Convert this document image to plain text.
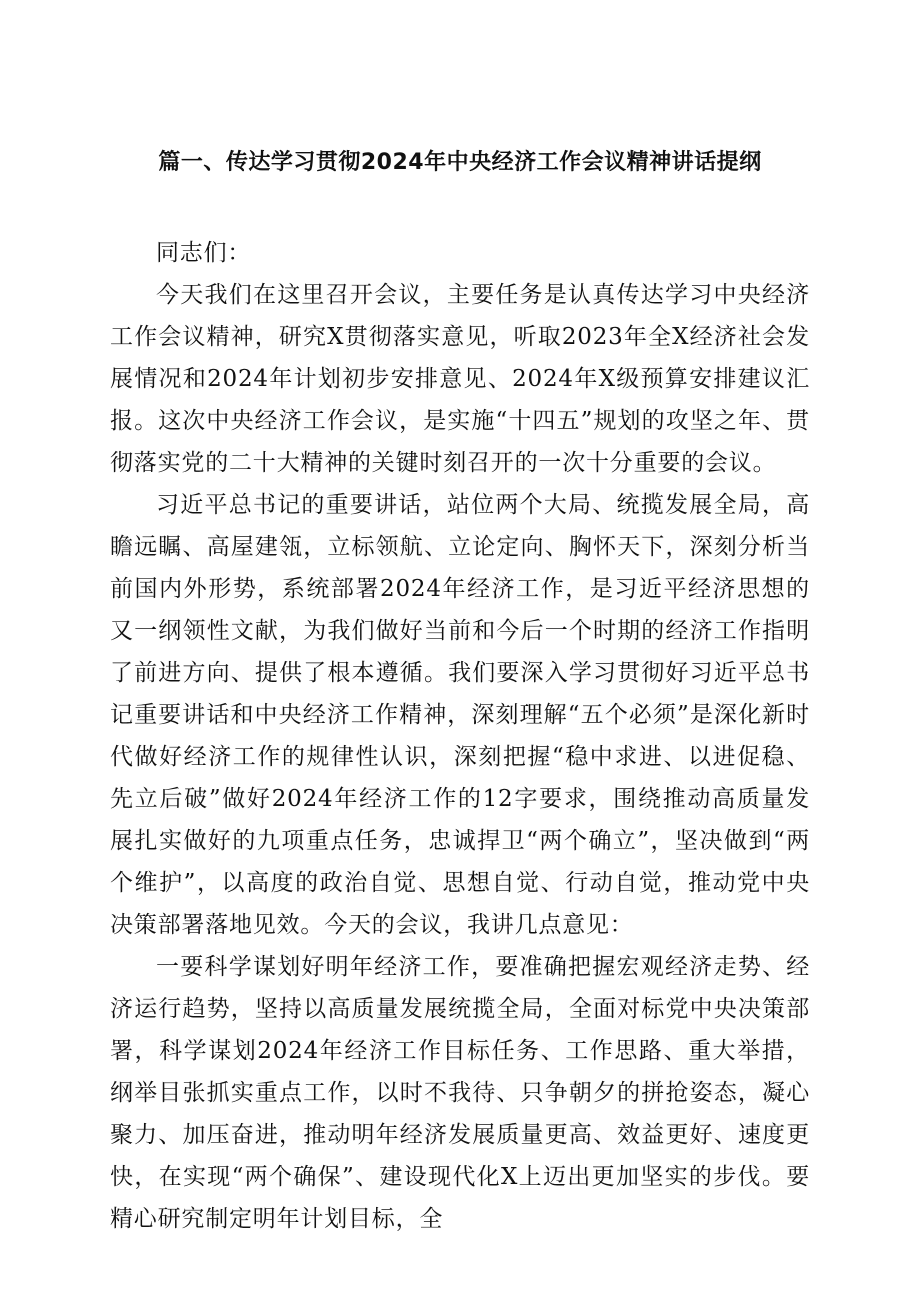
篇一、传达学习贯彻2024年中央经济工作会议精神讲话提纲

同志们：

今天我们在这里召开会议，主要任务是认真传达学习中央经济工作会议精神，研究X贯彻落实意见，听取2023年全X经济社会发展情况和2024年计划初步安排意见、2024年X级预算安排建议汇报。这次中央经济工作会议，是实施“十四五”规划的攻坚之年、贯彻落实党的二十大精神的关键时刻召开的一次十分重要的会议。

习近平总书记的重要讲话，站位两个大局、统揽发展全局，高瞻远瞩、高屋建瓴，立标领航、立论定向、胸怀天下，深刻分析当前国内外形势，系统部署2024年经济工作，是习近平经济思想的又一纲领性文献，为我们做好当前和今后一个时期的经济工作指明了前进方向、提供了根本遵循。我们要深入学习贯彻好习近平总书记重要讲话和中央经济工作精神，深刻理解“五个必须”是深化新时代做好经济工作的规律性认识，深刻把握“稳中求进、以进促稳、先立后破”做好2024年经济工作的12字要求，围绕推动高质量发展扎实做好的九项重点任务，忠诚捍卫“两个确立”，坚决做到“两个维护”，以高度的政治自觉、思想自觉、行动自觉，推动党中央决策部署落地见效。今天的会议，我讲几点意见：

一要科学谋划好明年经济工作，要准确把握宏观经济走势、经济运行趋势，坚持以高质量发展统揽全局，全面对标党中央决策部署，科学谋划2024年经济工作目标任务、工作思路、重大举措，纲举目张抓实重点工作，以时不我待、只争朝夕的拼抢姿态，凝心聚力、加压奋进，推动明年经济发展质量更高、效益更好、速度更快，在实现“两个确保”、建设现代化X上迈出更加坚实的步伐。要精心研究制定明年计划目标，全
